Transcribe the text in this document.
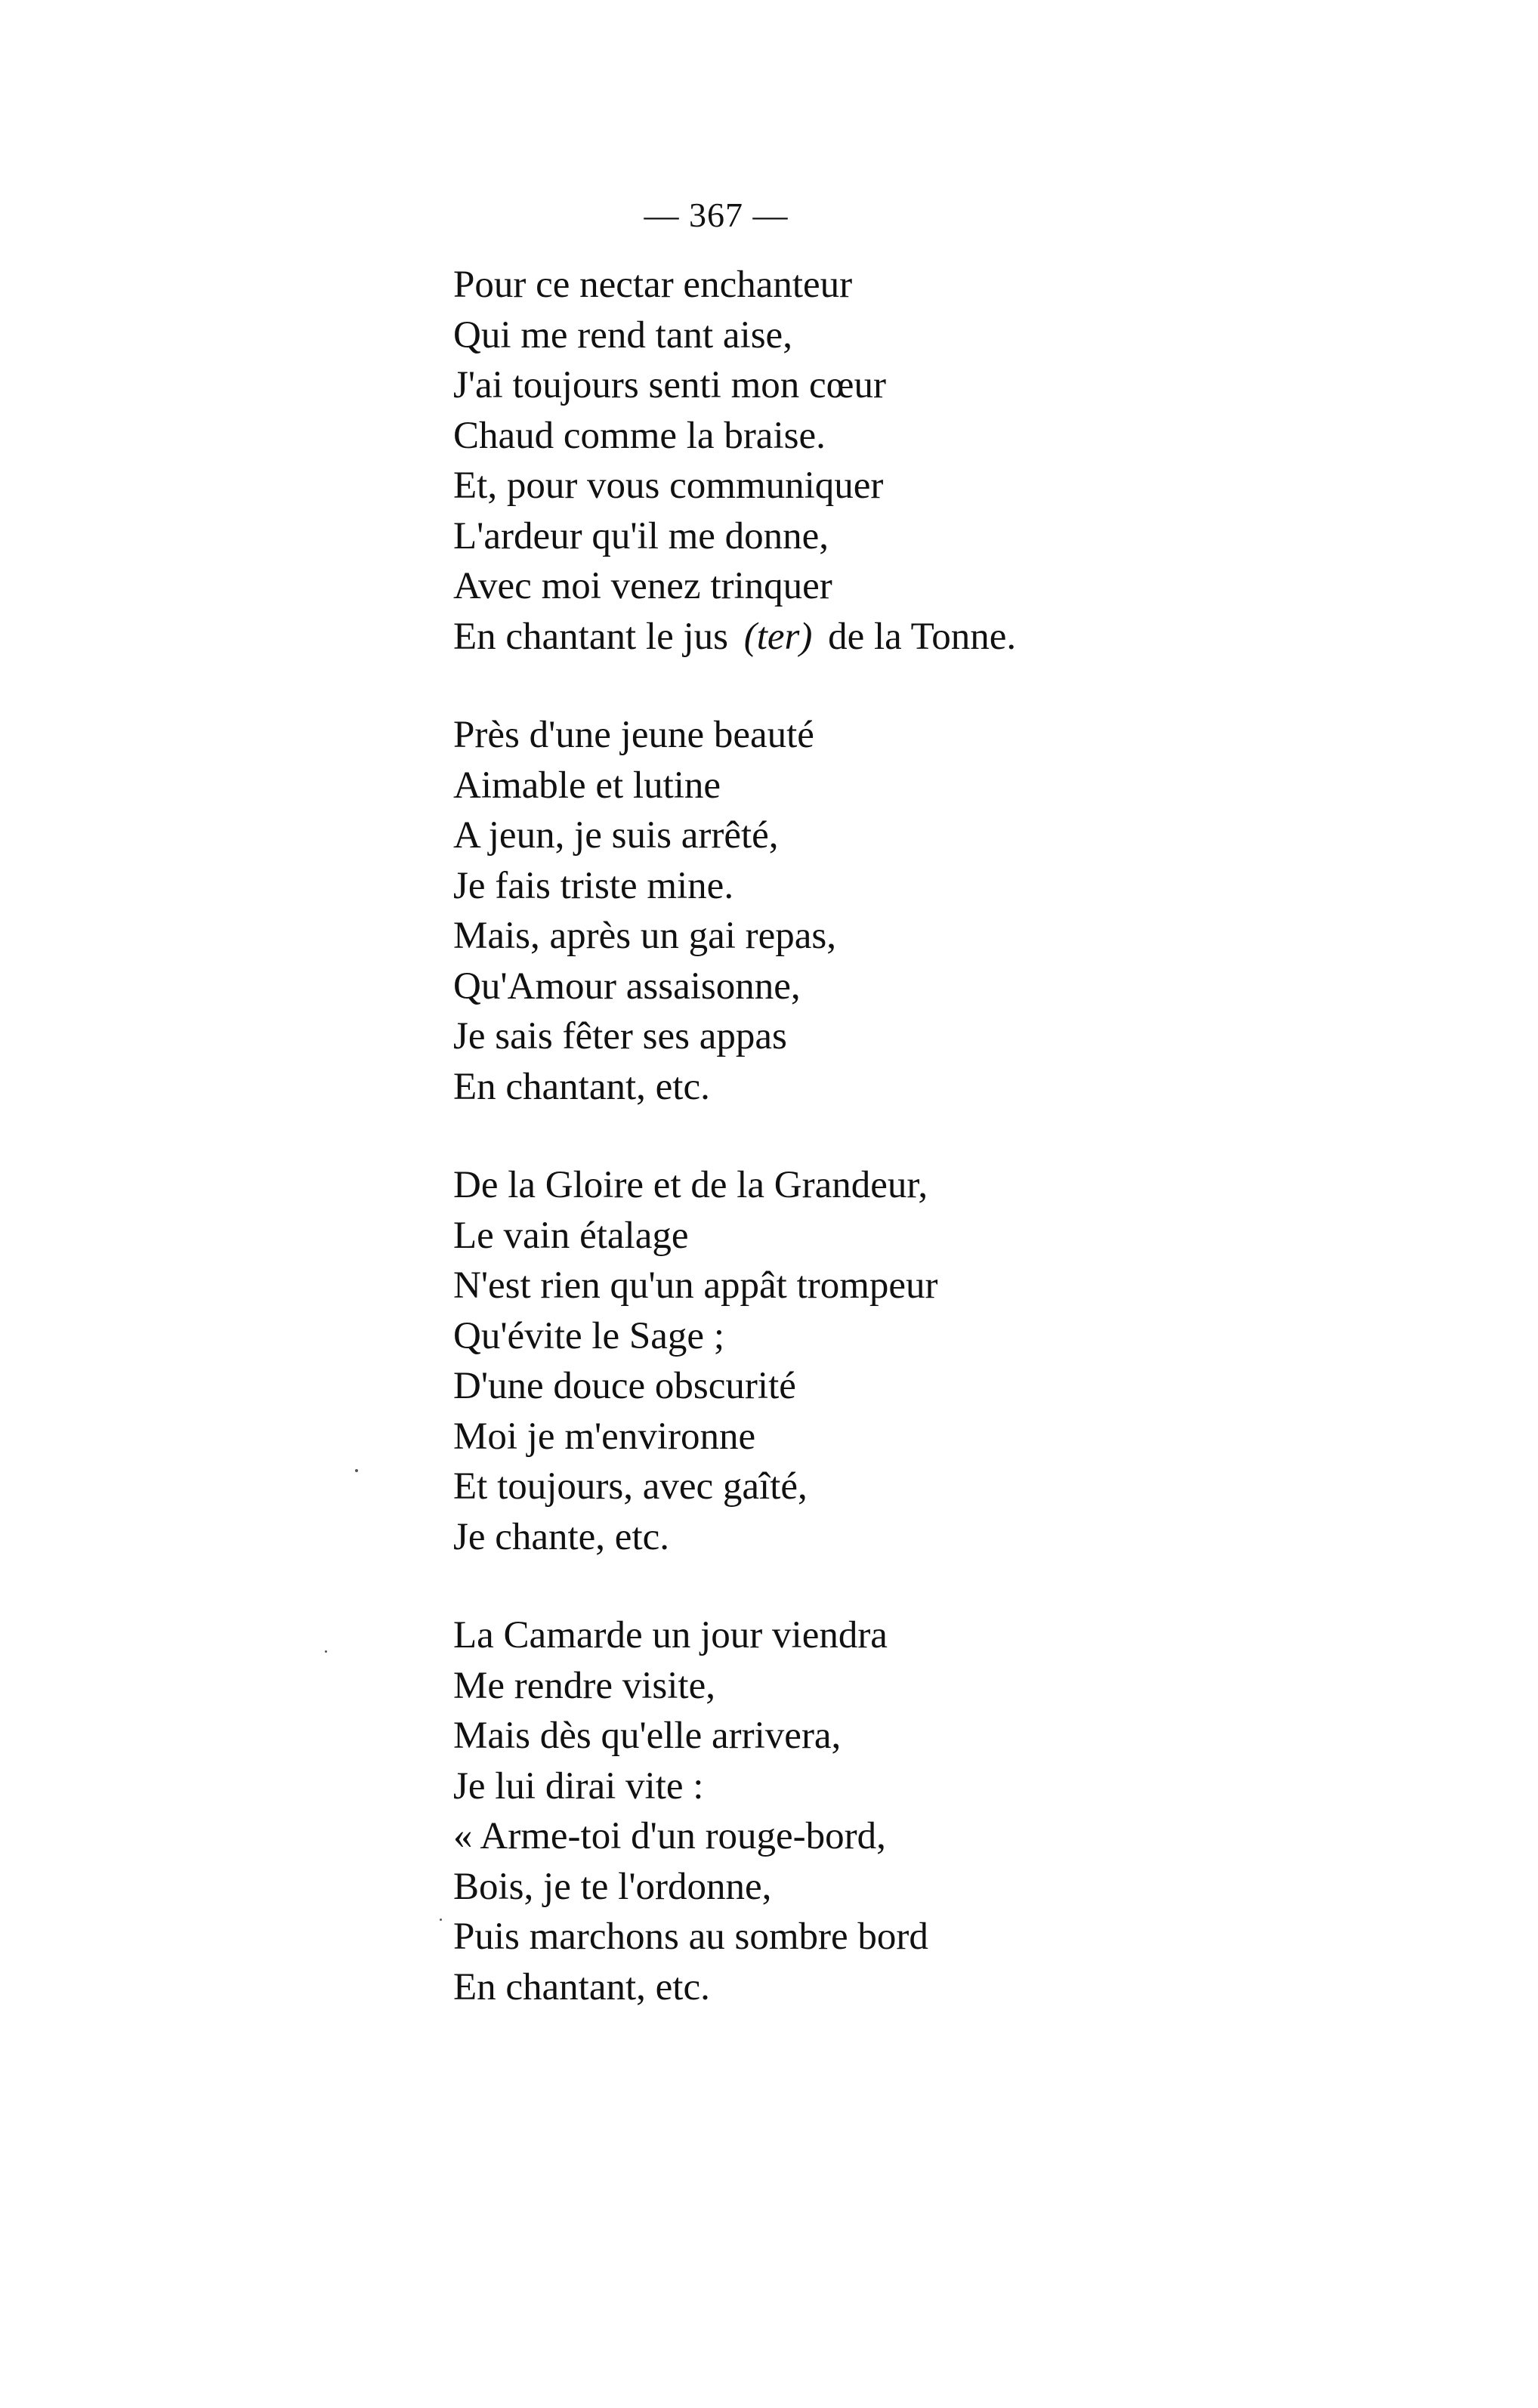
— 367 —
Pour ce nectar enchanteur
Qui me rend tant aise,
J'ai toujours senti mon cœur
Chaud comme la braise.
Et, pour vous communiquer
L'ardeur qu'il me donne,
Avec moi venez trinquer
En chantant le jus (ter) de la Tonne.
Près d'une jeune beauté
Aimable et lutine
A jeun, je suis arrêté,
Je fais triste mine.
Mais, après un gai repas,
Qu'Amour assaisonne,
Je sais fêter ses appas
En chantant, etc.
De la Gloire et de la Grandeur,
Le vain étalage
N'est rien qu'un appât trompeur
Qu'évite le Sage ;
D'une douce obscurité
Moi je m'environne
Et toujours, avec gaîté,
Je chante, etc.
La Camarde un jour viendra
Me rendre visite,
Mais dès qu'elle arrivera,
Je lui dirai vite :
« Arme-toi d'un rouge-bord,
Bois, je te l'ordonne,
Puis marchons au sombre bord
En chantant, etc.
